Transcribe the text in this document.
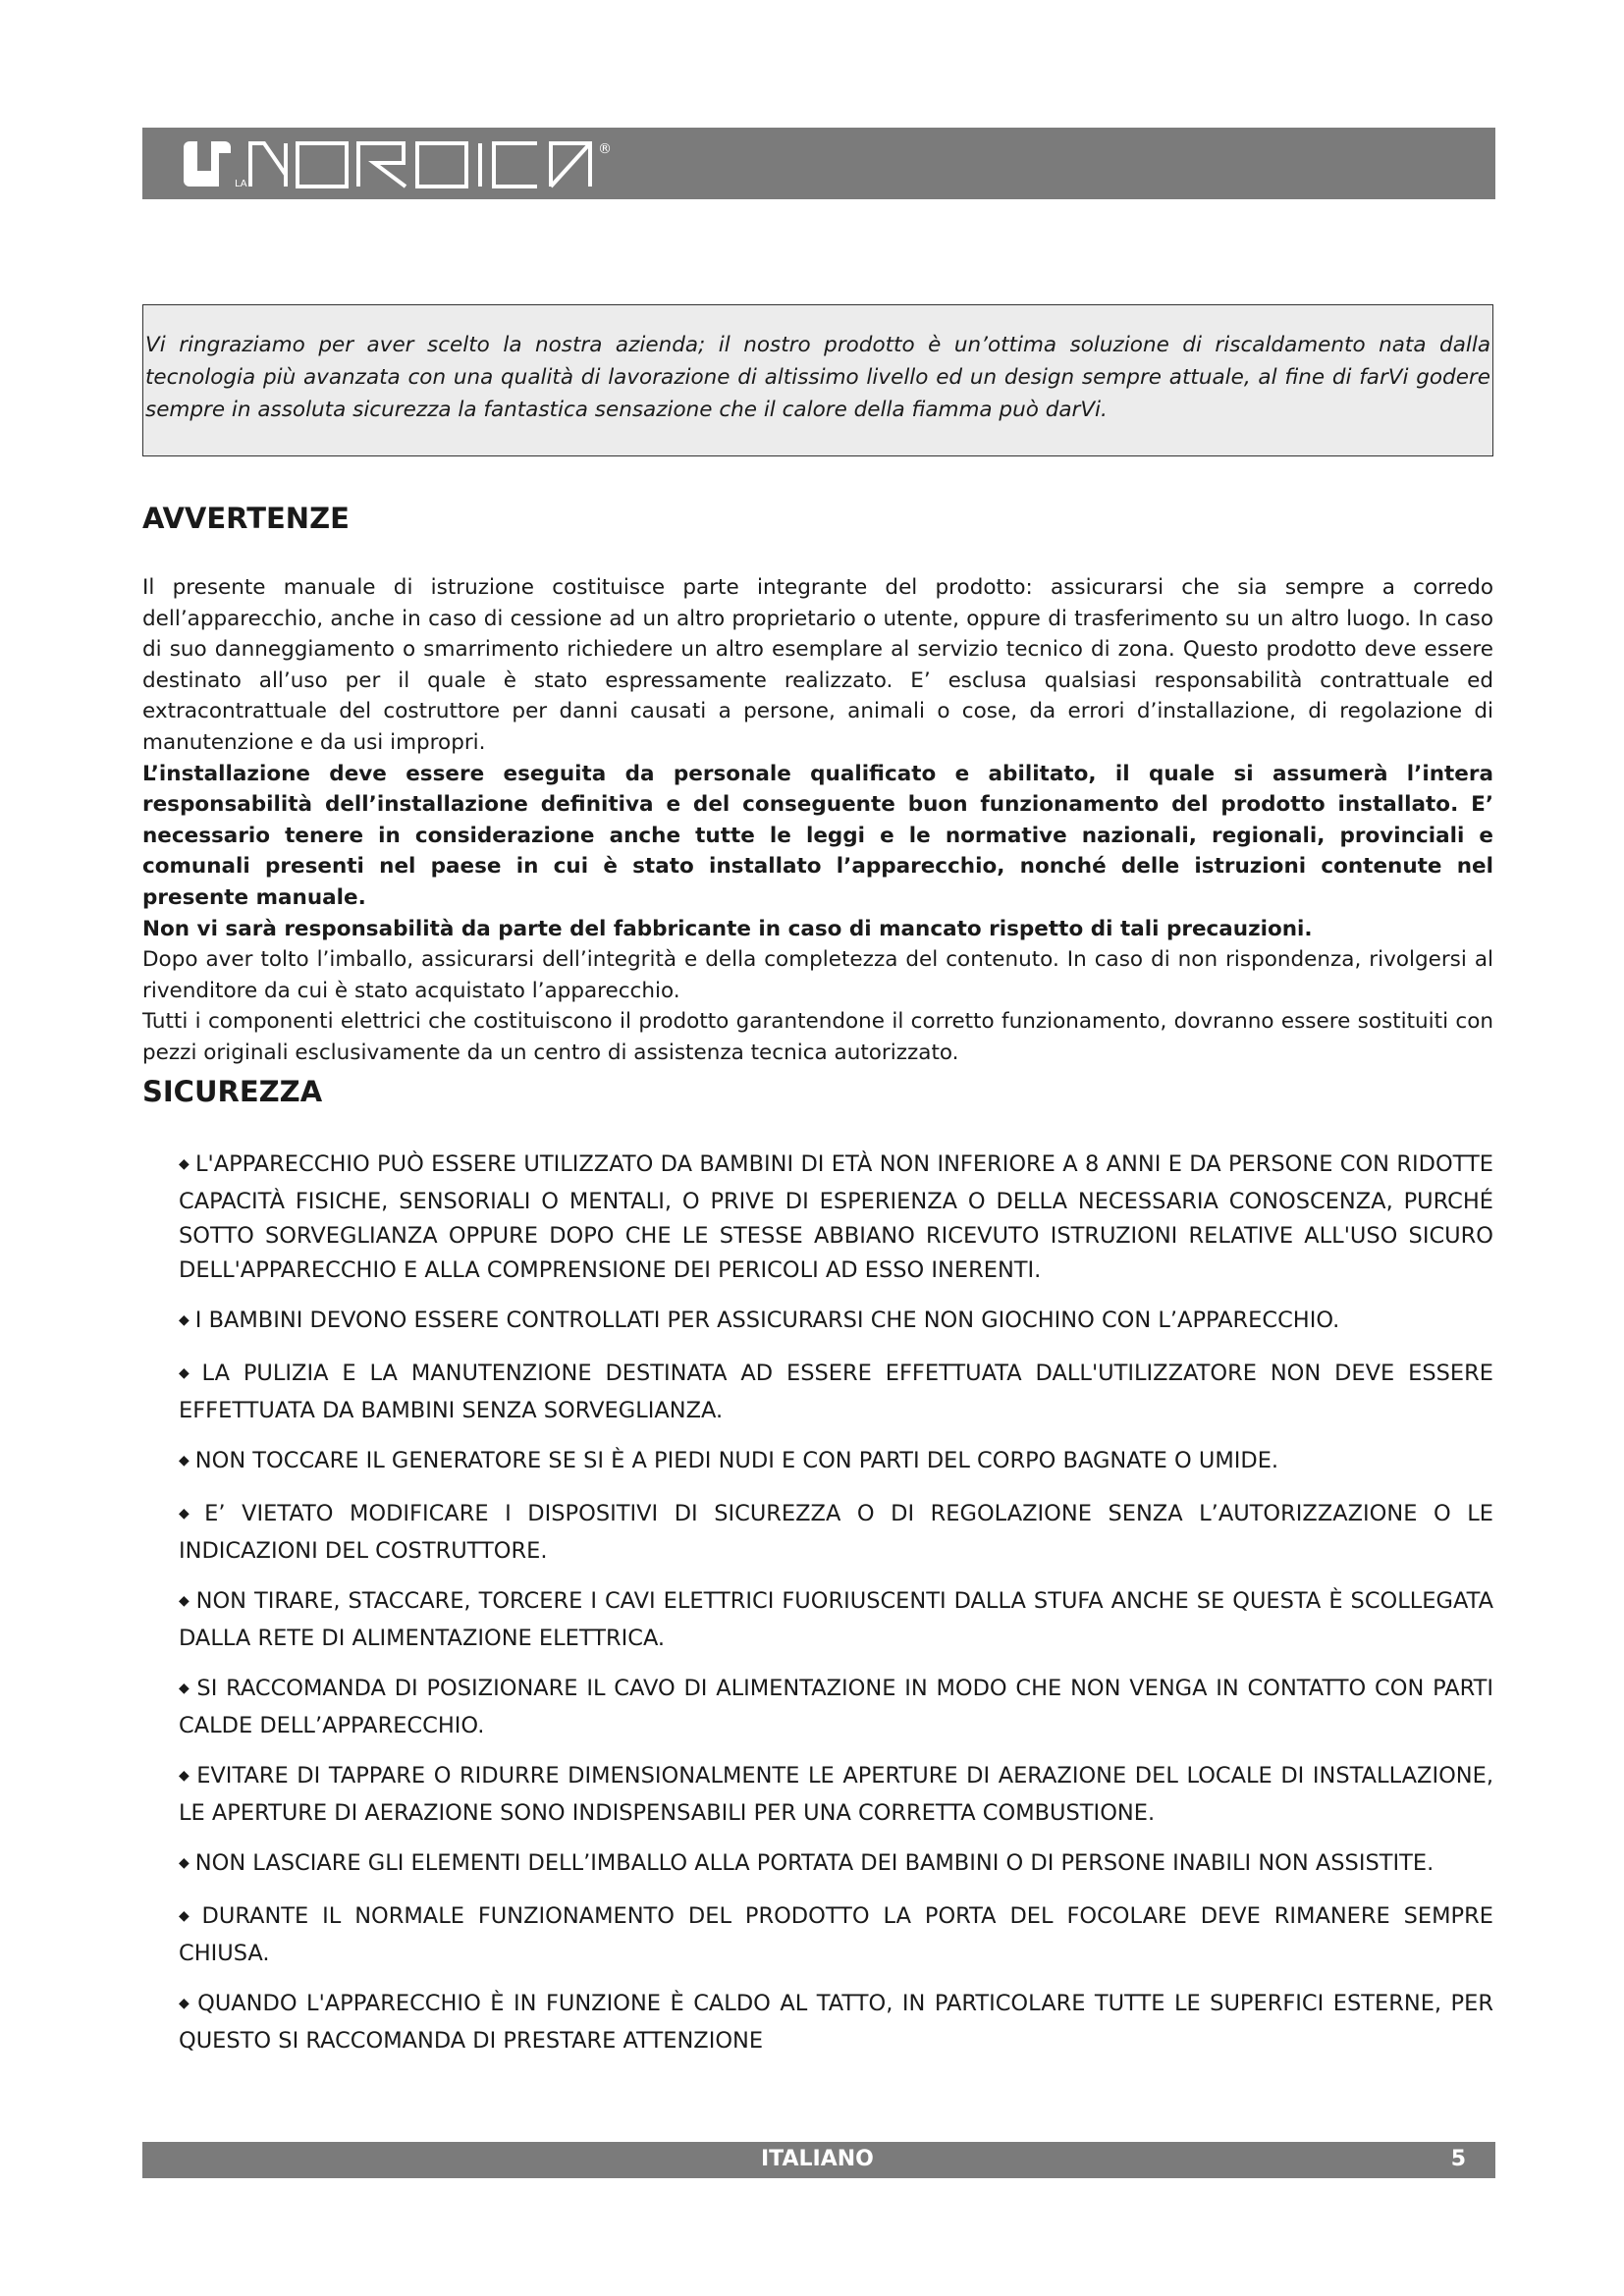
LA
®
Vi ringraziamo per aver scelto la nostra azienda; il nostro prodotto è un’ottima soluzione di riscaldamento nata dalla tecnologia più avanzata con una qualità di lavorazione di altissimo livello ed un design sempre attuale, al fine di farVi godere sempre in assoluta sicurezza la fantastica sensazione che il calore della fiamma può darVi.
AVVERTENZE

Il presente manuale di istruzione costituisce parte integrante del prodotto: assicurarsi che sia sempre a corredo dell’apparecchio, anche in caso di cessione ad un altro proprietario o utente, oppure di trasferimento su un altro luogo. In caso di suo danneggiamento o smarrimento richiedere un altro esemplare al servizio tecnico di zona. Questo prodotto deve essere destinato all’uso per il quale è stato espressamente realizzato. E’ esclusa qualsiasi responsabilità contrattuale ed extracontrattuale del costruttore per danni causati a persone, animali o cose, da errori d’installazione, di regolazione di manutenzione e da usi impropri.

L’installazione deve essere eseguita da personale qualificato e abilitato, il quale si assumerà l’intera responsabilità dell’installazione definitiva e del conseguente buon funzionamento del prodotto installato. E’ necessario tenere in considerazione anche tutte le leggi e le normative nazionali, regionali, provinciali e comunali presenti nel paese in cui è stato installato l’apparecchio, nonché delle istruzioni contenute nel presente manuale.

Non vi sarà responsabilità da parte del fabbricante in caso di mancato rispetto di tali precauzioni.

Dopo aver tolto l’imballo, assicurarsi dell’integrità e della completezza del contenuto. In caso di non rispondenza, rivolgersi al rivenditore da cui è stato acquistato l’apparecchio.

Tutti i componenti elettrici che costituiscono il prodotto garantendone il corretto funzionamento, dovranno essere sostituiti con pezzi originali esclusivamente da un centro di assistenza tecnica autorizzato.

SICUREZZA
◆ L'APPARECCHIO PUÒ ESSERE UTILIZZATO DA BAMBINI DI ETÀ NON INFERIORE A 8 ANNI E DA PERSONE CON RIDOTTE CAPACITÀ FISICHE, SENSORIALI O MENTALI, O PRIVE DI ESPERIENZA O DELLA NECESSARIA CONOSCENZA, PURCHÉ SOTTO SORVEGLIANZA OPPURE DOPO CHE LE STESSE ABBIANO RICEVUTO ISTRUZIONI RELATIVE ALL'USO SICURO DELL'APPARECCHIO E ALLA COMPRENSIONE DEI PERICOLI AD ESSO INERENTI.
◆ I BAMBINI DEVONO ESSERE CONTROLLATI PER ASSICURARSI CHE NON GIOCHINO CON L’APPARECCHIO.
◆ LA PULIZIA E LA MANUTENZIONE DESTINATA AD ESSERE EFFETTUATA DALL'UTILIZZATORE NON DEVE ESSERE EFFETTUATA DA BAMBINI SENZA SORVEGLIANZA.
◆ NON TOCCARE IL GENERATORE SE SI È A PIEDI NUDI E CON PARTI DEL CORPO BAGNATE O UMIDE.
◆ E’ VIETATO MODIFICARE I DISPOSITIVI DI SICUREZZA O DI REGOLAZIONE SENZA L’AUTORIZZAZIONE O LE INDICAZIONI DEL COSTRUTTORE.
◆ NON TIRARE, STACCARE, TORCERE I CAVI ELETTRICI FUORIUSCENTI DALLA STUFA ANCHE SE QUESTA È SCOLLEGATA DALLA RETE DI ALIMENTAZIONE ELETTRICA.
◆ SI RACCOMANDA DI POSIZIONARE IL CAVO DI ALIMENTAZIONE IN MODO CHE NON VENGA IN CONTATTO CON PARTI CALDE DELL’APPARECCHIO.
◆ EVITARE DI TAPPARE O RIDURRE DIMENSIONALMENTE LE APERTURE DI AERAZIONE DEL LOCALE DI INSTALLAZIONE, LE APERTURE DI AERAZIONE SONO INDISPENSABILI PER UNA CORRETTA COMBUSTIONE.
◆ NON LASCIARE GLI ELEMENTI DELL’IMBALLO ALLA PORTATA DEI BAMBINI O DI PERSONE INABILI NON ASSISTITE.
◆ DURANTE IL NORMALE FUNZIONAMENTO DEL PRODOTTO LA PORTA DEL FOCOLARE DEVE RIMANERE SEMPRE CHIUSA.
◆ QUANDO L'APPARECCHIO È IN FUNZIONE È CALDO AL TATTO, IN PARTICOLARE TUTTE LE SUPERFICI ESTERNE, PER QUESTO SI RACCOMANDA DI PRESTARE ATTENZIONE
ITALIANO	5
